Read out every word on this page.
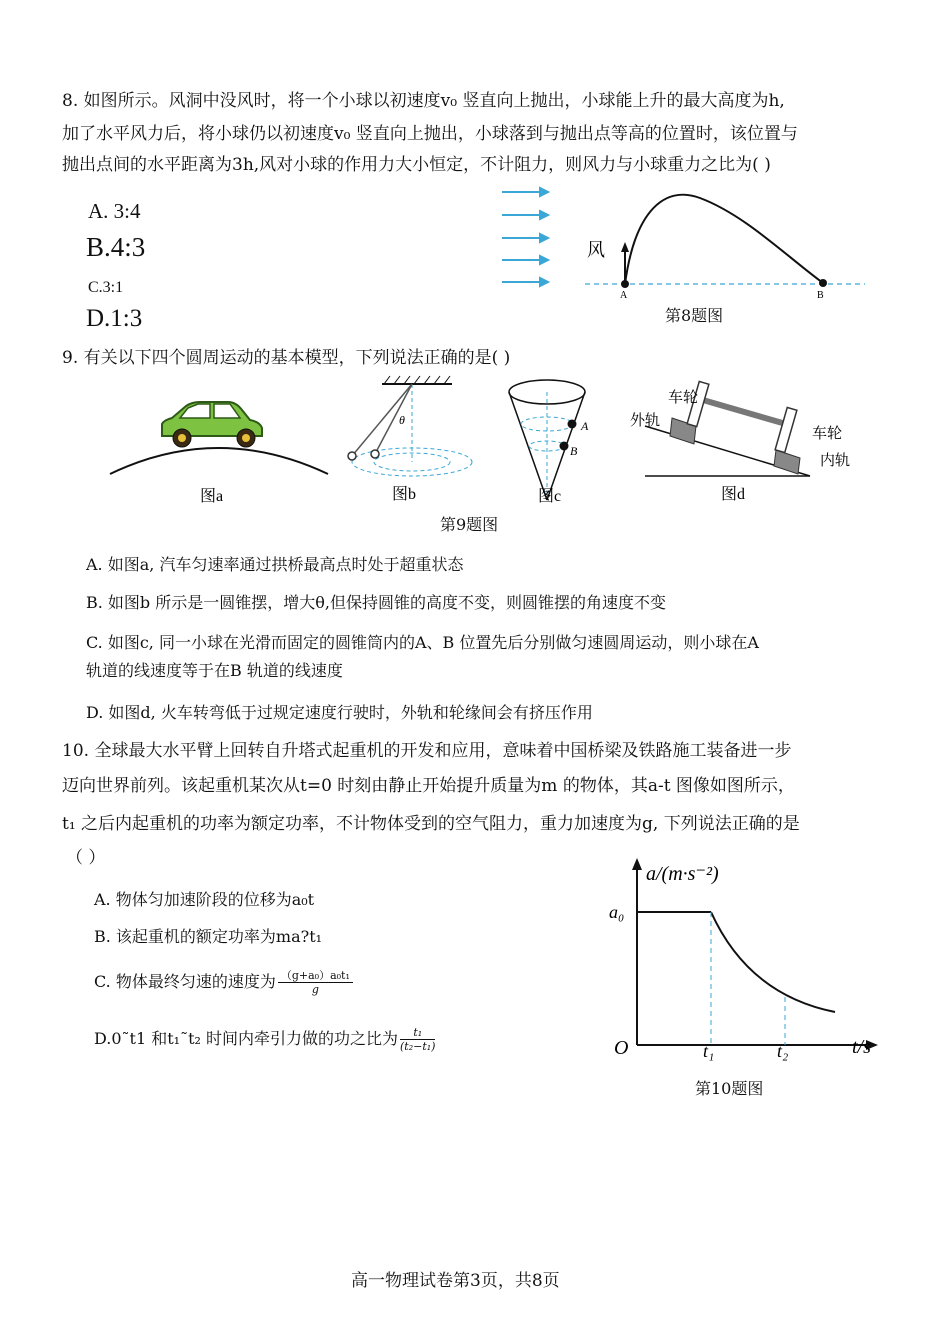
8. 如图所示。风洞中没风时，将一个小球以初速度v₀ 竖直向上抛出，小球能上升的最大高度为h,
加了水平风力后，将小球仍以初速度v₀ 竖直向上抛出，小球落到与抛出点等高的位置时，该位置与
抛出点间的水平距离为3h,风对小球的作用力大小恒定，不计阻力，则风力与小球重力之比为( )
A. 3:4
B.4:3
C.3:1
D.1:3
风
A	B
第8题图
9. 有关以下四个圆周运动的基本模型，下列说法正确的是( )
θ	A
B
车轮
外轨
车轮
内轨
图a	图b	图c	图d
第9题图
A. 如图a, 汽车匀速率通过拱桥最高点时处于超重状态
B. 如图b 所示是一圆锥摆，增大θ,但保持圆锥的高度不变，则圆锥摆的角速度不变
C. 如图c, 同一小球在光滑而固定的圆锥筒内的A、B 位置先后分别做匀速圆周运动，则小球在A
轨道的线速度等于在B 轨道的线速度
D. 如图d, 火车转弯低于过规定速度行驶时，外轨和轮缘间会有挤压作用
10. 全球最大水平臂上回转自升塔式起重机的开发和应用，意味着中国桥梁及铁路施工装备进一步
迈向世界前列。该起重机某次从t=0 时刻由静止开始提升质量为m 的物体，其a-t 图像如图所示，
t₁ 之后内起重机的功率为额定功率，不计物体受到的空气阻力，重力加速度为g, 下列说法正确的是
（ ）
A. 物体匀加速阶段的位移为a₀t
B. 该起重机的额定功率为ma?t₁
C. 物体最终匀速的速度为 $\frac{\text{（g+a₀）a₀t₁}}{g}$
D.0˜t1 和t₁˜t₂ 时间内牵引力做的功之比为 $\frac{\text{t₁}}{\text{(t₂−t₁)}}$
a/(m·s⁻²)
a₀
O	t₁	t₂	t/s
第10题图
高一物理试卷第3页，共8页
